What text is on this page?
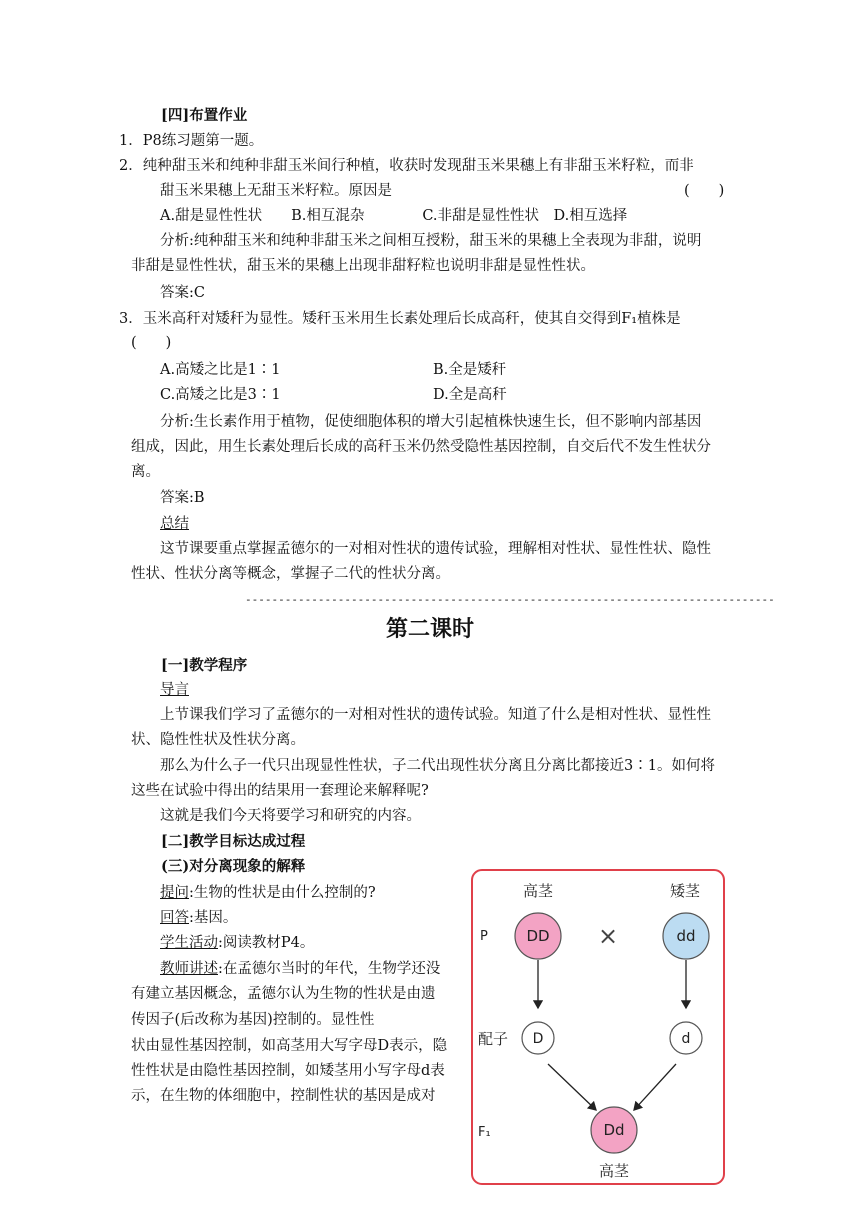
[四]布置作业
1．P8练习题第一题。
2．纯种甜玉米和纯种非甜玉米间行种植，收获时发现甜玉米果穗上有非甜玉米籽粒，而非
甜玉米果穗上无甜玉米籽粒。原因是	(　　)
A.甜是显性性状　　B.相互混杂　　　　C.非甜是显性性状　D.相互选择
分析:纯种甜玉米和纯种非甜玉米之间相互授粉，甜玉米的果穗上全表现为非甜，说明
非甜是显性性状，甜玉米的果穗上出现非甜籽粒也说明非甜是显性性状。
答案:C
3．玉米高秆对矮秆为显性。矮秆玉米用生长素处理后长成高秆，使其自交得到F₁植株是
(　　)
A.高矮之比是1∶1	B.全是矮秆
C.高矮之比是3∶1	D.全是高秆
分析:生长素作用于植物，促使细胞体积的增大引起植株快速生长，但不影响内部基因
组成，因此，用生长素处理后长成的高秆玉米仍然受隐性基因控制，自交后代不发生性状分
离。
答案:B
总结
这节课要重点掌握孟德尔的一对相对性状的遗传试验，理解相对性状、显性性状、隐性
性状、性状分离等概念，掌握子二代的性状分离。
--------------------------------------------------------------------------------
第二课时
[一]教学程序
导言
上节课我们学习了孟德尔的一对相对性状的遗传试验。知道了什么是相对性状、显性性
状、隐性性状及性状分离。
那么为什么子一代只出现显性性状，子二代出现性状分离且分离比都接近3∶1。如何将
这些在试验中得出的结果用一套理论来解释呢?
这就是我们今天将要学习和研究的内容。
[二]教学目标达成过程
(三)对分离现象的解释
提问:生物的性状是由什么控制的?
回答:基因。
学生活动:阅读教材P4。
教师讲述:在孟德尔当时的年代，生物学还没
有建立基因概念，孟德尔认为生物的性状是由遗
传因子(后改称为基因)控制的。显性性
状由显性基因控制，如高茎用大写字母D表示，隐
性性状是由隐性基因控制，如矮茎用小写字母d表
示，在生物的体细胞中，控制性状的基因是成对
高茎	矮茎
P	DD ×	dd
配子 D	d
F₁	Dd
高茎
